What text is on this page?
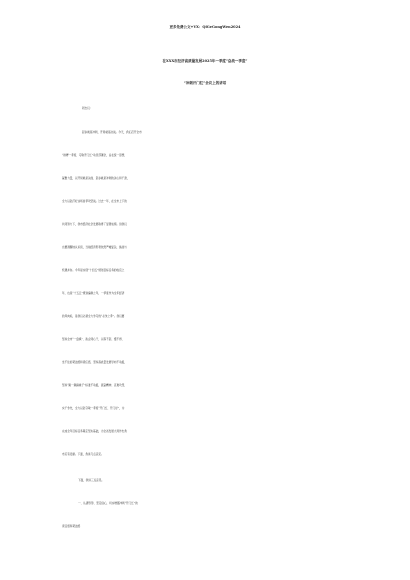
更多免费公文+VX：QiGeGongWen2024
在XXX市经济高质量发展2025年一季度“奋战一季度”
“冲刺开门红”会议上的讲话
同志们：
起步就是冲刺，开局就是决战。今天，我们召开全市
“拼搏一季度、夺取开门红”动员部署会，旨在统一思想、
凝聚力量，以开局就是决战、起步就是冲刺的决心和干劲，
全力以赴打好这场首季攻坚战。过去一年，在全市上下的
共同努力下，我市经济社会发展取得了显著成绩。但我们
也要清醒地认识到，当前经济形势依然严峻复杂，挑战与
机遇并存。今年是实现“十四五”规划目标任务的收官之
年，也是“十五五”规划编制之年，一季度作为全年经济
的风向标，是我们必须全力争夺的“必争之季”。我们要
坚持全市“一盘棋”、政企同心干，以等不起、慢不得、
坐不住的紧迫感和责任感，坚持高质量发展导向不动摇，
坚持“跳一跳摘桃子”标准不动摇，振奋精神、克难攻坚、
实干争先，全力以赴夺取一季度“开门红、开门好”，为
完成全年目标任务奠定坚实基础，为全省发展大局作出我
市应有贡献。下面，我讲几点意见。
下面，我讲三点意见。
一、认清形势、坚定信心，切实增强冲刺“开门红”的
责任感和紧迫感
